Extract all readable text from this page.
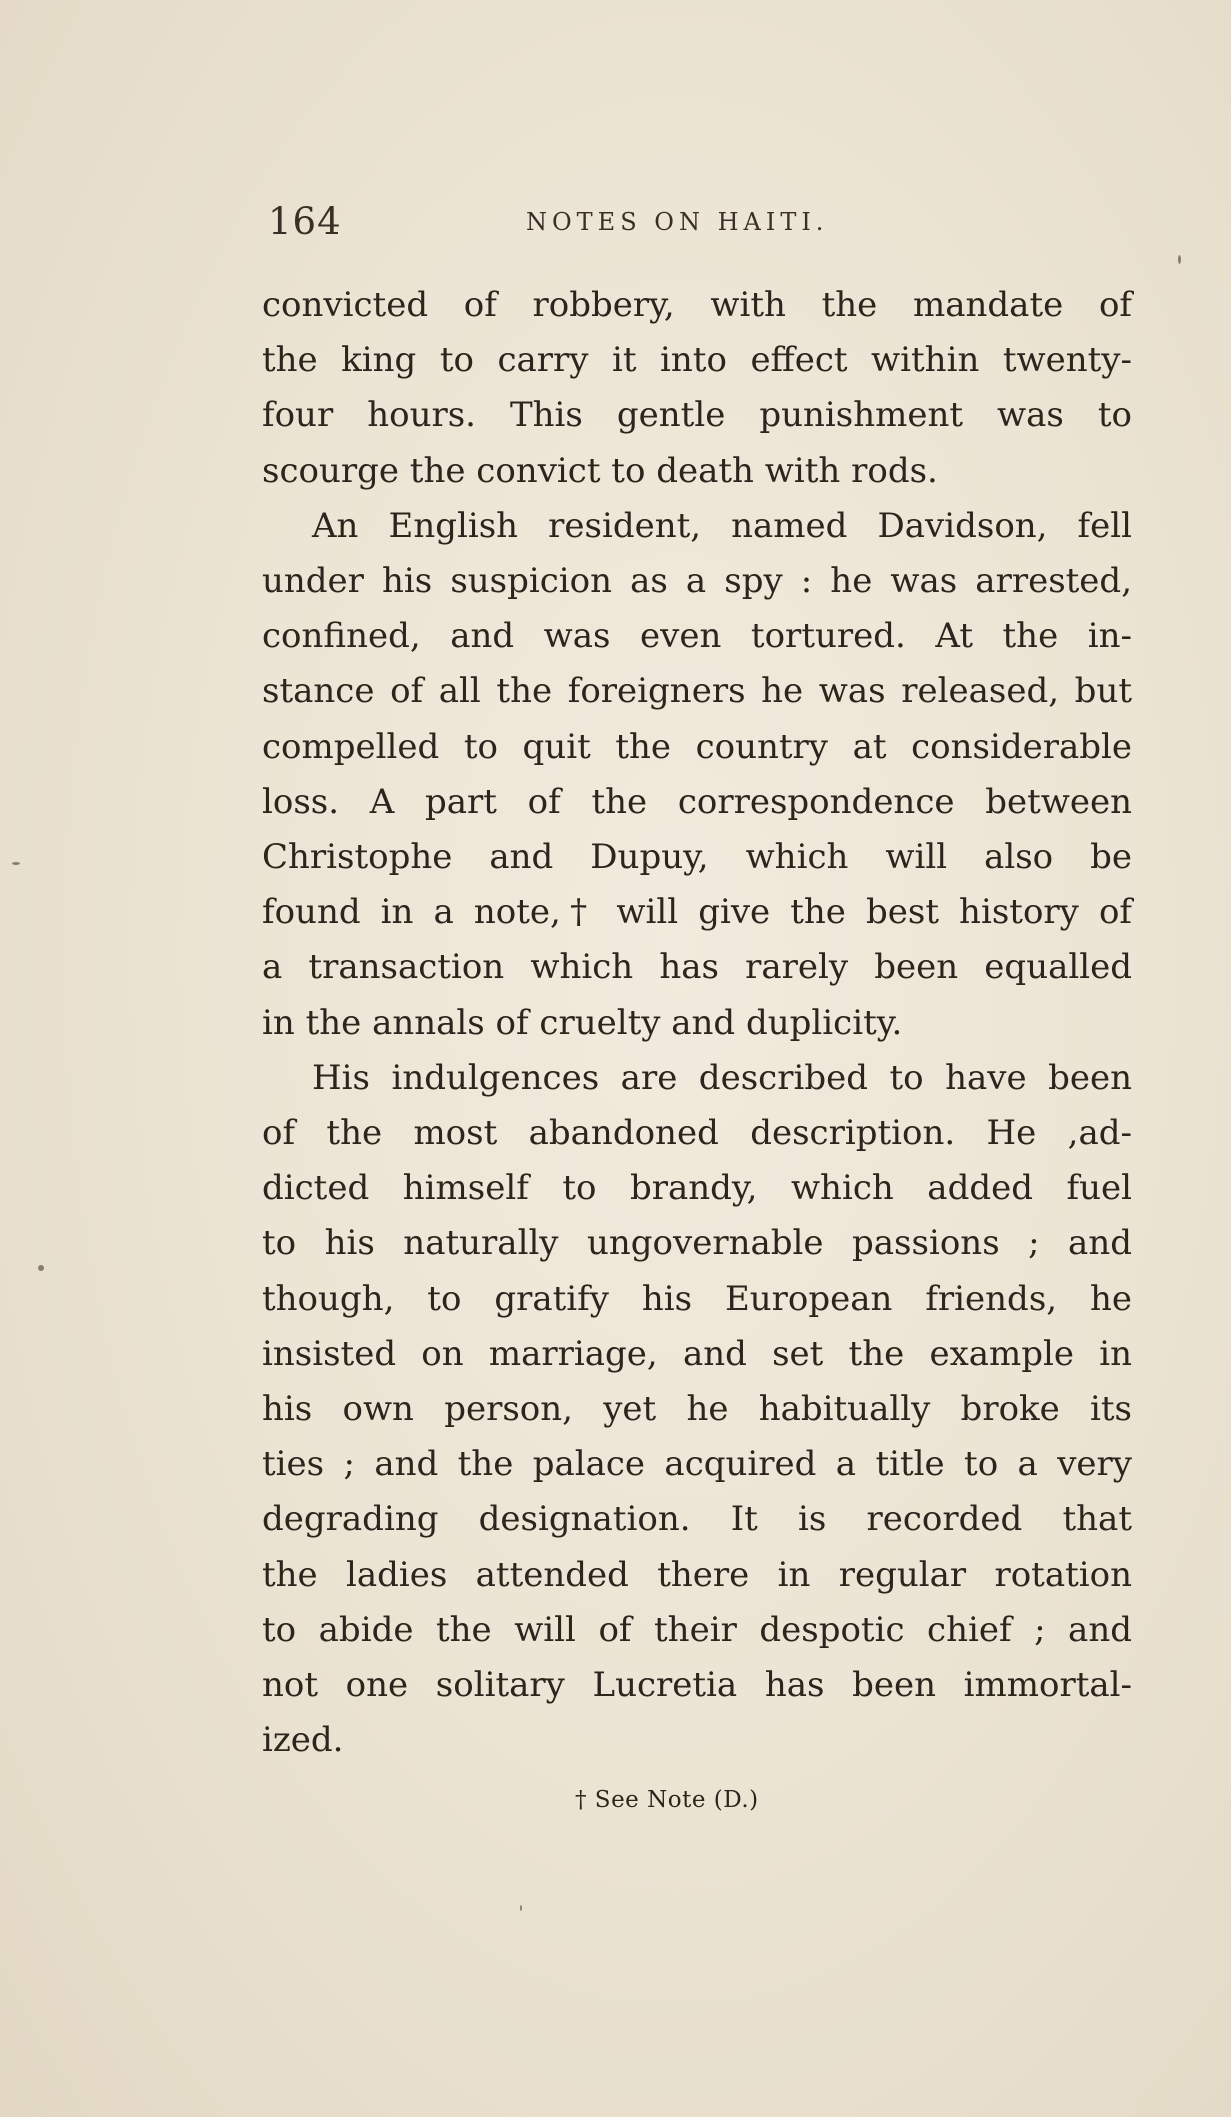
164	NOTES ON HAITI.
convicted of robbery, with the mandate of
the king to carry it into effect within twenty-
four hours. This gentle punishment was to
scourge the convict to death with rods.
An English resident, named Davidson, fell
under his suspicion as a spy : he was arrested,
confined, and was even tortured. At the in-
stance of all the foreigners he was released, but
compelled to quit the country at considerable
loss. A part of the correspondence between
Christophe and Dupuy, which will also be
found in a note,† will give the best history of
a transaction which has rarely been equalled
in the annals of cruelty and duplicity.
His indulgences are described to have been
of the most abandoned description. He ,ad-
dicted himself to brandy, which added fuel
to his naturally ungovernable passions ; and
though, to gratify his European friends, he
insisted on marriage, and set the example in
his own person, yet he habitually broke its
ties ; and the palace acquired a title to a very
degrading designation. It is recorded that
the ladies attended there in regular rotation
to abide the will of their despotic chief ; and
not one solitary Lucretia has been immortal-
ized.
† See Note (D.)
